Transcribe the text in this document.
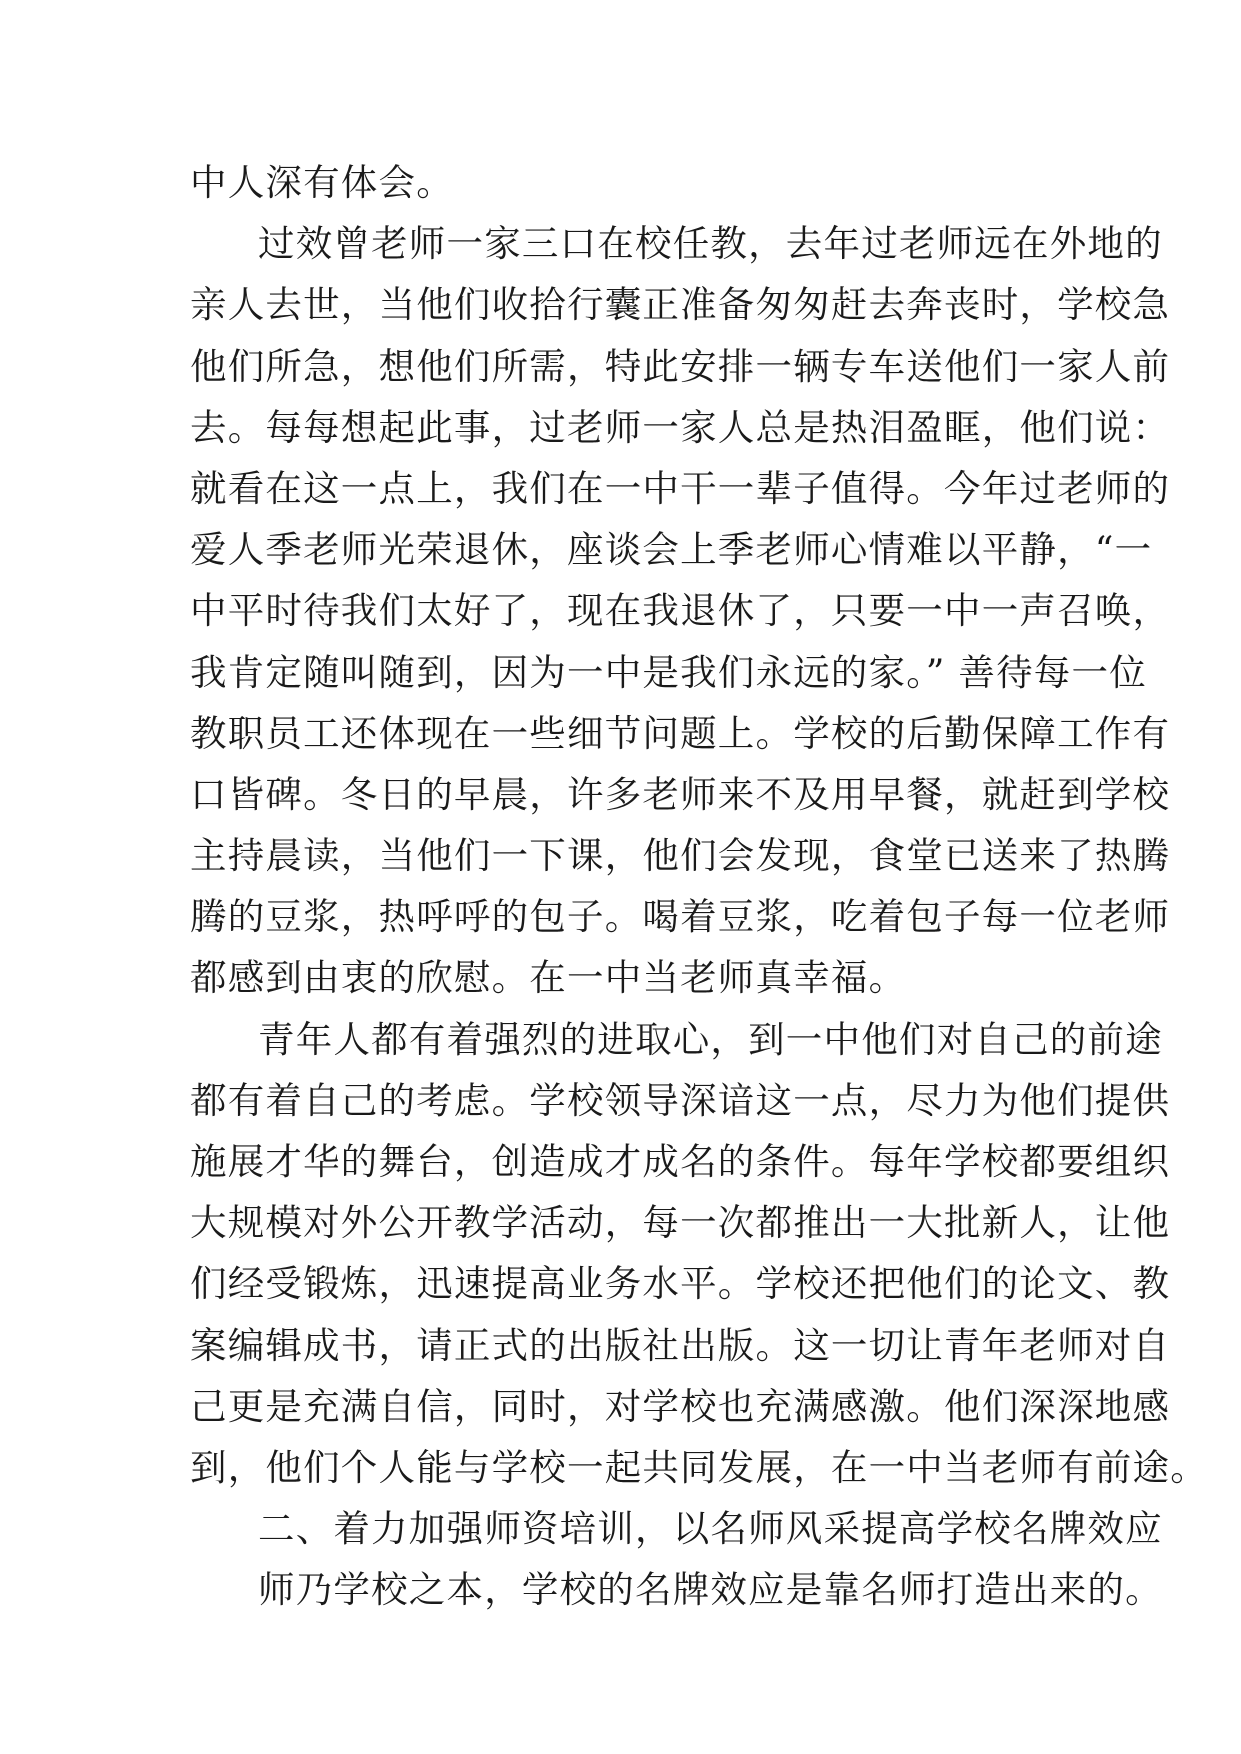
中人深有体会。
过效曾老师一家三口在校任教，去年过老师远在外地的
亲人去世，当他们收拾行囊正准备匆匆赶去奔丧时，学校急
他们所急，想他们所需，特此安排一辆专车送他们一家人前
去。每每想起此事，过老师一家人总是热泪盈眶，他们说：
就看在这一点上，我们在一中干一辈子值得。今年过老师的
爱人季老师光荣退休，座谈会上季老师心情难以平静，“一
中平时待我们太好了，现在我退休了，只要一中一声召唤，
我肯定随叫随到，因为一中是我们永远的家。” 善待每一位
教职员工还体现在一些细节问题上。学校的后勤保障工作有
口皆碑。冬日的早晨，许多老师来不及用早餐，就赶到学校
主持晨读，当他们一下课，他们会发现，食堂已送来了热腾
腾的豆浆，热呼呼的包子。喝着豆浆，吃着包子每一位老师
都感到由衷的欣慰。在一中当老师真幸福。
青年人都有着强烈的进取心，到一中他们对自己的前途
都有着自己的考虑。学校领导深谙这一点，尽力为他们提供
施展才华的舞台，创造成才成名的条件。每年学校都要组织
大规模对外公开教学活动，每一次都推出一大批新人，让他
们经受锻炼，迅速提高业务水平。学校还把他们的论文、教
案编辑成书，请正式的出版社出版。这一切让青年老师对自
己更是充满自信，同时，对学校也充满感激。他们深深地感
到，他们个人能与学校一起共同发展，在一中当老师有前途。
二、着力加强师资培训，以名师风采提高学校名牌效应
师乃学校之本，学校的名牌效应是靠名师打造出来的。
